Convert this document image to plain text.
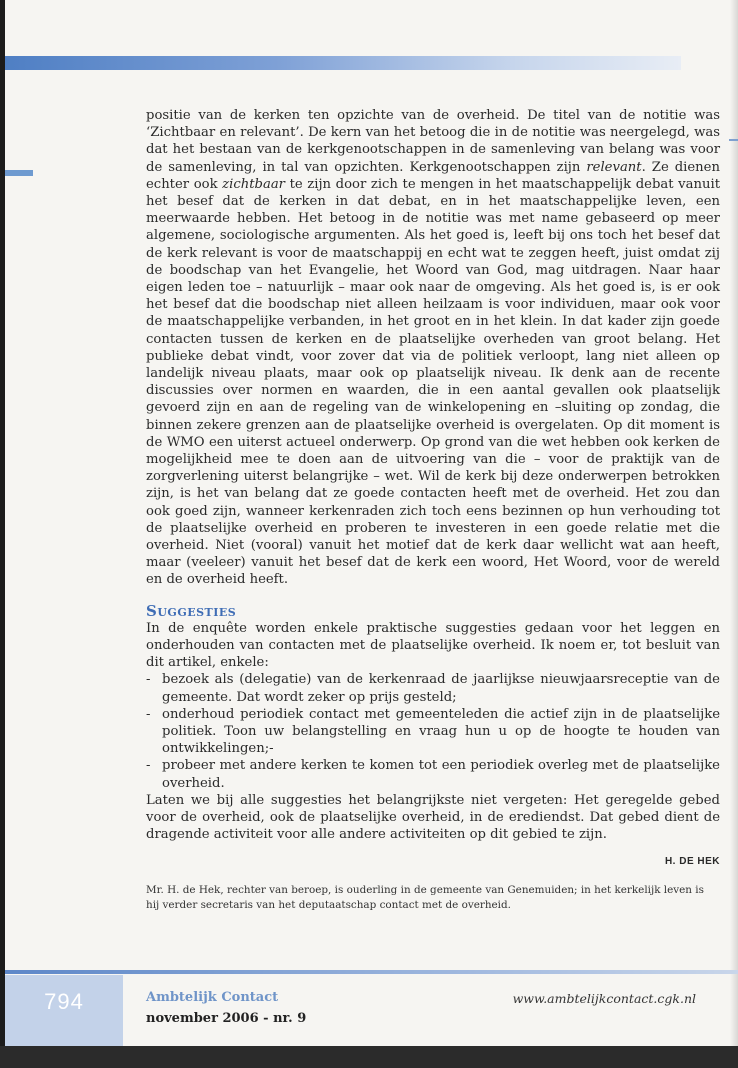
positie van de kerken ten opzichte van de overheid. De titel van de notitie was ‘Zichtbaar en relevant’. De kern van het betoog die in de notitie was neergelegd, was dat het bestaan van de kerkgenootschappen in de samenleving van belang was voor de samenleving, in tal van opzichten. Kerkgenootschappen zijn relevant. Ze dienen echter ook zichtbaar te zijn door zich te mengen in het maatschappelijk debat vanuit het besef dat de kerken in dat debat, en in het maatschappelijke leven, een meerwaarde hebben. Het betoog in de notitie was met name gebaseerd op meer algemene, sociologische argumenten. Als het goed is, leeft bij ons toch het besef dat de kerk relevant is voor de maatschappij en echt wat te zeggen heeft, juist omdat zij de boodschap van het Evangelie, het Woord van God, mag uitdragen. Naar haar eigen leden toe – natuurlijk – maar ook naar de omgeving. Als het goed is, is er ook het besef dat die boodschap niet alleen heilzaam is voor individuen, maar ook voor de maatschappelijke verbanden, in het groot en in het klein. In dat kader zijn goede contacten tussen de kerken en de plaatselijke overheden van groot belang. Het publieke debat vindt, voor zover dat via de politiek verloopt, lang niet alleen op landelijk niveau plaats, maar ook op plaatselijk niveau. Ik denk aan de recente discussies over normen en waarden, die in een aantal gevallen ook plaatselijk gevoerd zijn en aan de regeling van de winkelopening en –sluiting op zondag, die binnen zekere grenzen aan de plaatselijke overheid is overgelaten. Op dit moment is de WMO een uiterst actueel onderwerp. Op grond van die wet hebben ook kerken de mogelijkheid mee te doen aan de uitvoering van die – voor de praktijk van de zorgverlening uiterst belangrijke – wet. Wil de kerk bij deze onderwerpen betrokken zijn, is het van belang dat ze goede contacten heeft met de overheid. Het zou dan ook goed zijn, wanneer kerkenraden zich toch eens bezinnen op hun verhouding tot de plaatselijke overheid en proberen te investeren in een goede relatie met die overheid. Niet (vooral) vanuit het motief dat de kerk daar wellicht wat aan heeft, maar (veeleer) vanuit het besef dat de kerk een woord, Het Woord, voor de wereld en de overheid heeft.

Suggesties

In de enquête worden enkele praktische suggesties gedaan voor het leggen en onderhouden van contacten met de plaatselijke overheid. Ik noem er, tot besluit van dit artikel, enkele:

- bezoek als (delegatie) van de kerkenraad de jaarlijkse nieuwjaarsreceptie van de gemeente. Dat wordt zeker op prijs gesteld;
- onderhoud periodiek contact met gemeenteleden die actief zijn in de plaatselijke politiek. Toon uw belangstelling en vraag hun u op de hoogte te houden van ontwikkelingen;-
- probeer met andere kerken te komen tot een periodiek overleg met de plaatselijke overheid.

Laten we bij alle suggesties het belangrijkste niet vergeten: Het geregelde gebed voor de overheid, ook de plaatselijke overheid, in de erediendst. Dat gebed dient de dragende activiteit voor alle andere activiteiten op dit gebied te zijn.

H. DE HEK
Mr. H. de Hek, rechter van beroep, is ouderling in de gemeente van Genemuiden; in het kerkelijk leven is hij verder secretaris van het deputaatschap contact met de overheid.
794	Ambtelijk Contact
november 2006 - nr. 9
www.ambtelijkcontact.cgk.nl
